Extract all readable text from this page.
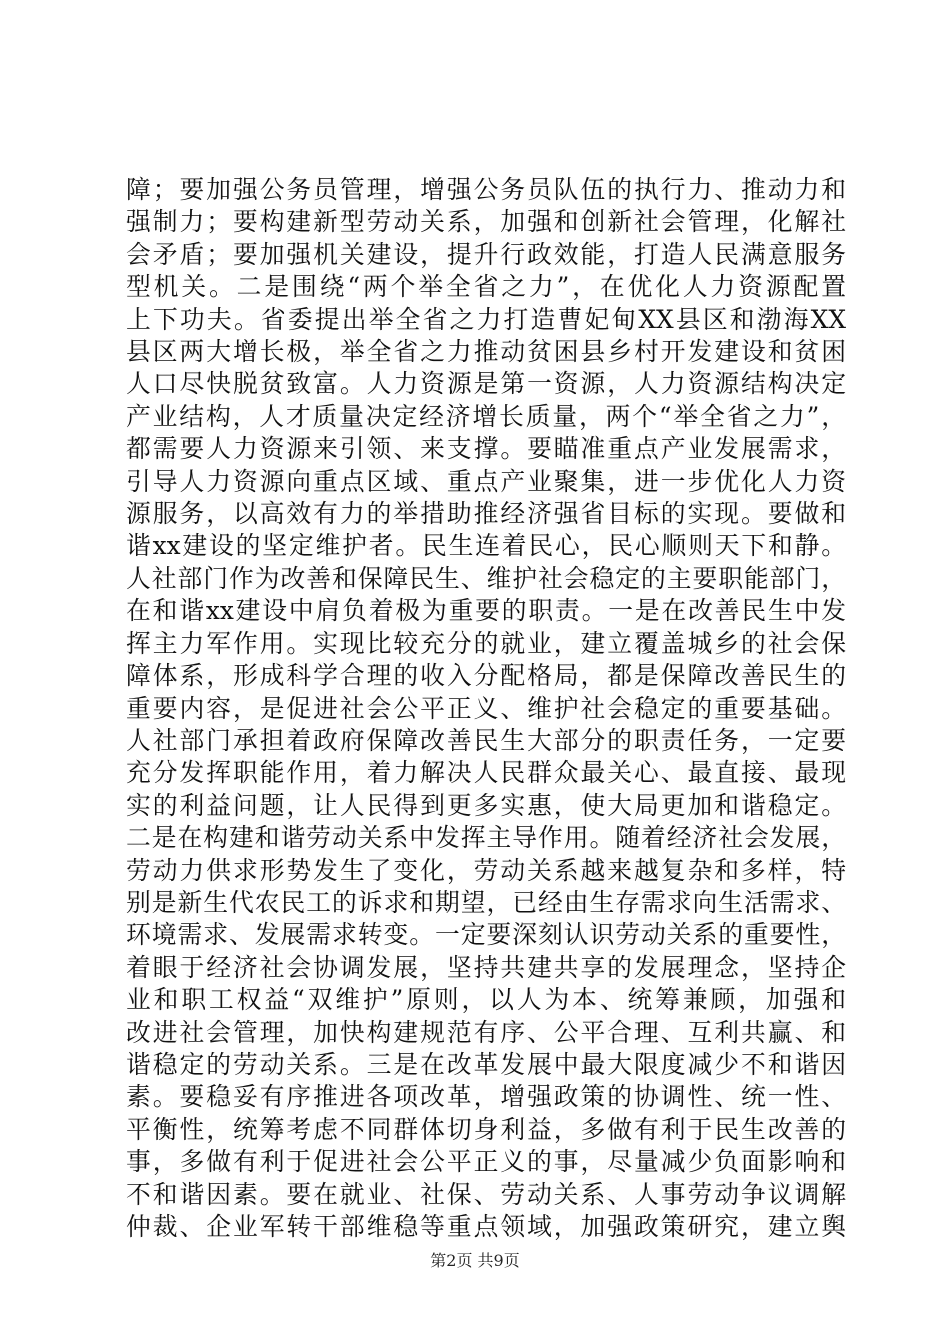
障；要加强公务员管理，增强公务员队伍的执行力、推动力和
强制力；要构建新型劳动关系，加强和创新社会管理，化解社
会矛盾；要加强机关建设，提升行政效能，打造人民满意服务
型机关。二是围绕“两个举全省之力”，在优化人力资源配置
上下功夫。省委提出举全省之力打造曹妃甸XX县区和渤海XX
县区两大增长极，举全省之力推动贫困县乡村开发建设和贫困
人口尽快脱贫致富。人力资源是第一资源，人力资源结构决定
产业结构，人才质量决定经济增长质量，两个“举全省之力”，
都需要人力资源来引领、来支撑。要瞄准重点产业发展需求，
引导人力资源向重点区域、重点产业聚集，进一步优化人力资
源服务，以高效有力的举措助推经济强省目标的实现。要做和
谐xx建设的坚定维护者。民生连着民心，民心顺则天下和静。
人社部门作为改善和保障民生、维护社会稳定的主要职能部门，
在和谐xx建设中肩负着极为重要的职责。一是在改善民生中发
挥主力军作用。实现比较充分的就业，建立覆盖城乡的社会保
障体系，形成科学合理的收入分配格局，都是保障改善民生的
重要内容，是促进社会公平正义、维护社会稳定的重要基础。
人社部门承担着政府保障改善民生大部分的职责任务，一定要
充分发挥职能作用，着力解决人民群众最关心、最直接、最现
实的利益问题，让人民得到更多实惠，使大局更加和谐稳定。
二是在构建和谐劳动关系中发挥主导作用。随着经济社会发展，
劳动力供求形势发生了变化，劳动关系越来越复杂和多样，特
别是新生代农民工的诉求和期望，已经由生存需求向生活需求、
环境需求、发展需求转变。一定要深刻认识劳动关系的重要性，
着眼于经济社会协调发展，坚持共建共享的发展理念，坚持企
业和职工权益“双维护”原则，以人为本、统筹兼顾，加强和
改进社会管理，加快构建规范有序、公平合理、互利共赢、和
谐稳定的劳动关系。三是在改革发展中最大限度减少不和谐因
素。要稳妥有序推进各项改革，增强政策的协调性、统一性、
平衡性，统筹考虑不同群体切身利益，多做有利于民生改善的
事，多做有利于促进社会公平正义的事，尽量减少负面影响和
不和谐因素。要在就业、社保、劳动关系、人事劳动争议调解
仲裁、企业军转干部维稳等重点领域，加强政策研究，建立舆
第2页 共9页
